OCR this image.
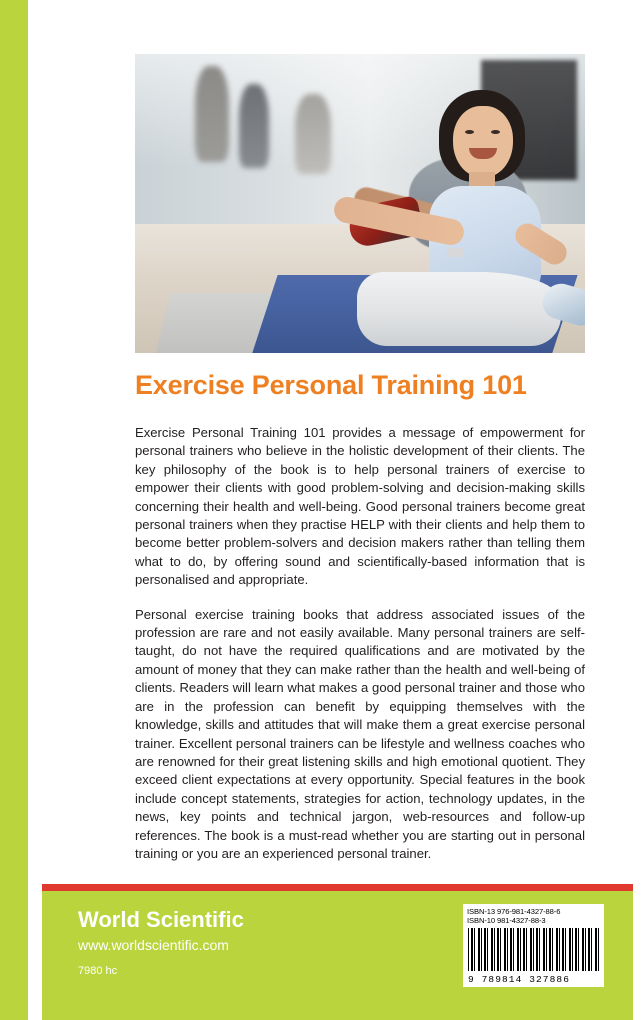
Exercise Personal Training 101

Exercise Personal Training 101 provides a message of empowerment for personal trainers who believe in the holistic development of their clients. The key philosophy of the book is to help personal trainers of exercise to empower their clients with good problem-solving and decision-making skills concerning their health and well-being. Good personal trainers become great personal trainers when they practise HELP with their clients and help them to become better problem-solvers and decision makers rather than telling them what to do, by offering sound and scientifically-based information that is personalised and appropriate.

Personal exercise training books that address associated issues of the profession are rare and not easily available. Many personal trainers are self-taught, do not have the required qualifications and are motivated by the amount of money that they can make rather than the health and well-being of clients. Readers will learn what makes a good personal trainer and those who are in the profession can benefit by equipping themselves with the knowledge, skills and attitudes that will make them a great exercise personal trainer. Excellent personal trainers can be lifestyle and wellness coaches who are renowned for their great listening skills and high emotional quotient. They exceed client expectations at every opportunity. Special features in the book include concept statements, strategies for action, technology updates, in the news, key points and technical jargon, web-resources and follow-up references. The book is a must-read whether you are starting out in personal training or you are an experienced personal trainer.

World Scientific
www.worldscientific.com
7980 hc
ISBN-13 976-981-4327-88-6
ISBN-10 981-4327-88-3
9 789814 327886
